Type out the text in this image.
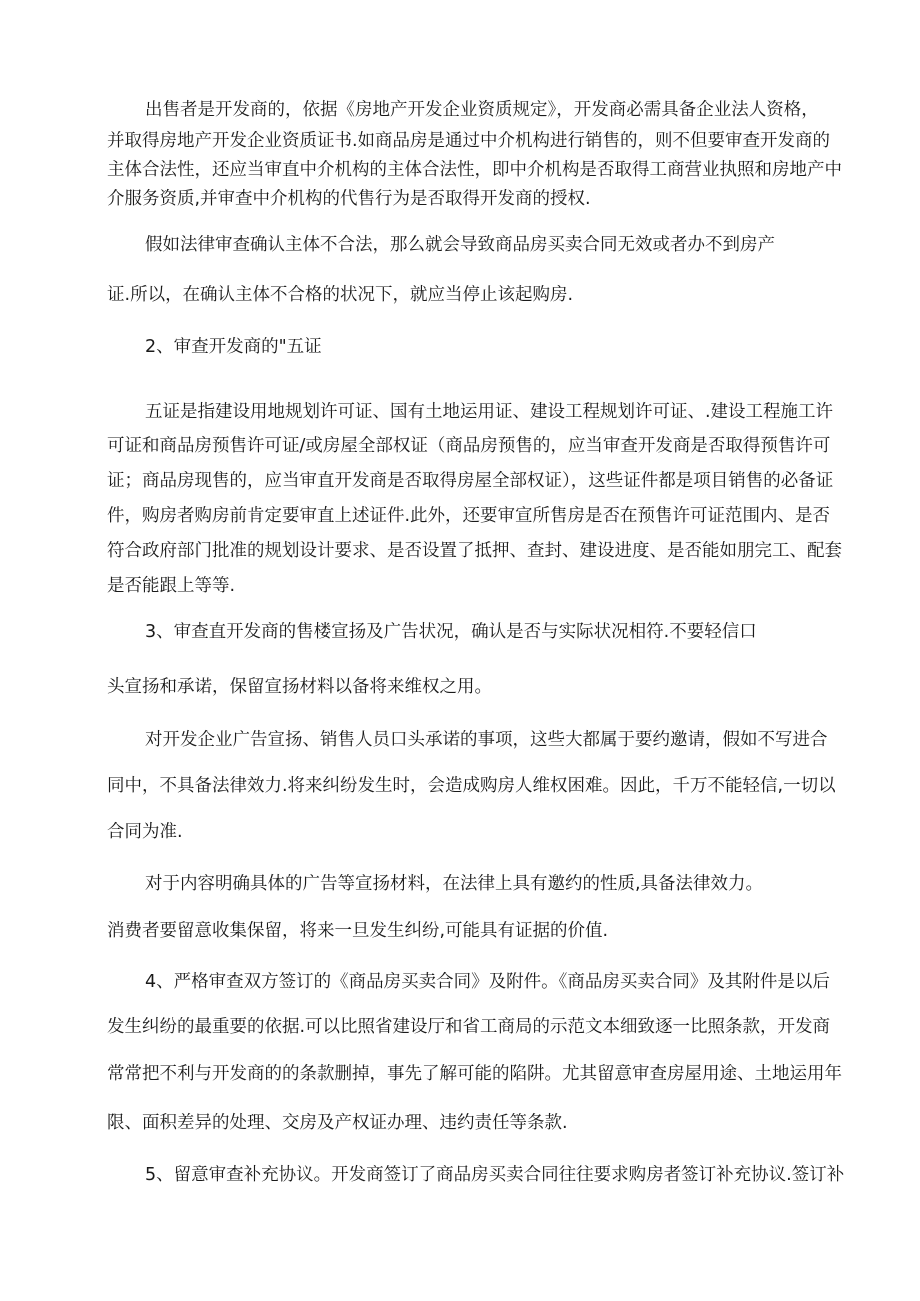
出售者是开发商的，依据《房地产开发企业资质规定》，开发商必需具备企业法人资格，
并取得房地产开发企业资质证书.如商品房是通过中介机构进行销售的，则不但要审查开发商的
主体合法性，还应当审直中介机构的主体合法性，即中介机构是否取得工商营业执照和房地产中
介服务资质,并审查中介机构的代售行为是否取得开发商的授权.
假如法律审查确认主体不合法，那么就会导致商品房买卖合同无效或者办不到房产
证.所以，在确认主体不合格的状况下，就应当停止该起购房.
2、审查开发商的"五证
五证是指建设用地规划许可证、国有土地运用证、建设工程规划许可证、.建设工程施工许
可证和商品房预售许可证/或房屋全部权证（商品房预售的，应当审查开发商是否取得预售许可
证；商品房现售的，应当审直开发商是否取得房屋全部权证），这些证件都是项目销售的必备证
件，购房者购房前肯定要审直上述证件.此外，还要审宣所售房是否在预售许可证范围内、是否
符合政府部门批准的规划设计要求、是否设置了抵押、查封、建设进度、是否能如朋完工、配套
是否能跟上等等.
3、审查直开发商的售楼宣扬及广告状况，确认是否与实际状况相符.不要轻信口
头宣扬和承诺，保留宣扬材料以备将来维权之用。
对开发企业广告宣扬、销售人员口头承诺的事项，这些大都属于要约邀请，假如不写进合
同中，不具备法律效力.将来纠纷发生时，会造成购房人维权困难。因此，千万不能轻信,一切以
合同为准.
对于内容明确具体的广告等宣扬材料，在法律上具有邀约的性质,具备法律效力。
消费者要留意收集保留，将来一旦发生纠纷,可能具有证据的价值.
4、严格审查双方签订的《商品房买卖合同》及附件。《商品房买卖合同》及其附件是以后
发生纠纷的最重要的依据.可以比照省建设厅和省工商局的示范文本细致逐一比照条款，开发商
常常把不利与开发商的的条款删掉，事先了解可能的陷阱。尤其留意审查房屋用途、土地运用年
限、面积差异的处理、交房及产权证办理、违约责任等条款.
5、留意审查补充协议。开发商签订了商品房买卖合同往往要求购房者签订补充协议.签订补
